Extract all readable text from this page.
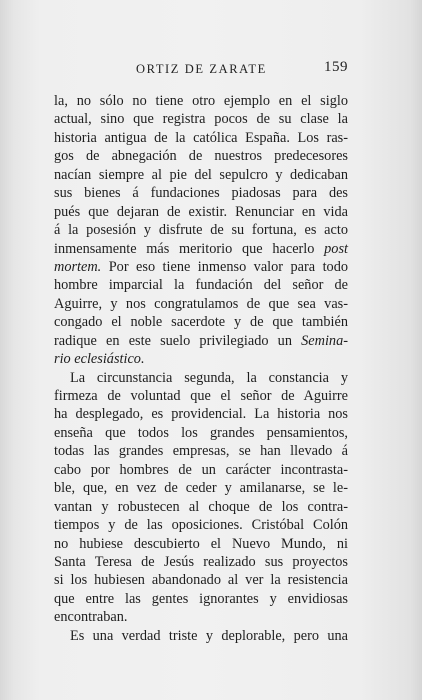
ORTIZ DE ZARATE	159
la, no sólo no tiene otro ejemplo en el siglo
actual, sino que registra pocos de su clase la
historia antigua de la católica España. Los ras-
gos de abnegación de nuestros predecesores
nacían siempre al pie del sepulcro y dedicaban
sus bienes á fundaciones piadosas para des
pués que dejaran de existir. Renunciar en vida
á la posesión y disfrute de su fortuna, es acto
inmensamente más meritorio que hacerlo post
mortem. Por eso tiene inmenso valor para todo
hombre imparcial la fundación del señor de
Aguirre, y nos congratulamos de que sea vas-
congado el noble sacerdote y de que también
radique en este suelo privilegiado un Semina-
rio eclesiástico.
La circunstancia segunda, la constancia y
firmeza de voluntad que el señor de Aguirre
ha desplegado, es providencial. La historia nos
enseña que todos los grandes pensamientos,
todas las grandes empresas, se han llevado á
cabo por hombres de un carácter incontrasta-
ble, que, en vez de ceder y amilanarse, se le-
vantan y robustecen al choque de los contra-
tiempos y de las oposiciones. Cristóbal Colón
no hubiese descubierto el Nuevo Mundo, ni
Santa Teresa de Jesús realizado sus proyectos
si los hubiesen abandonado al ver la resistencia
que entre las gentes ignorantes y envidiosas
encontraban.
Es una verdad triste y deplorable, pero una
